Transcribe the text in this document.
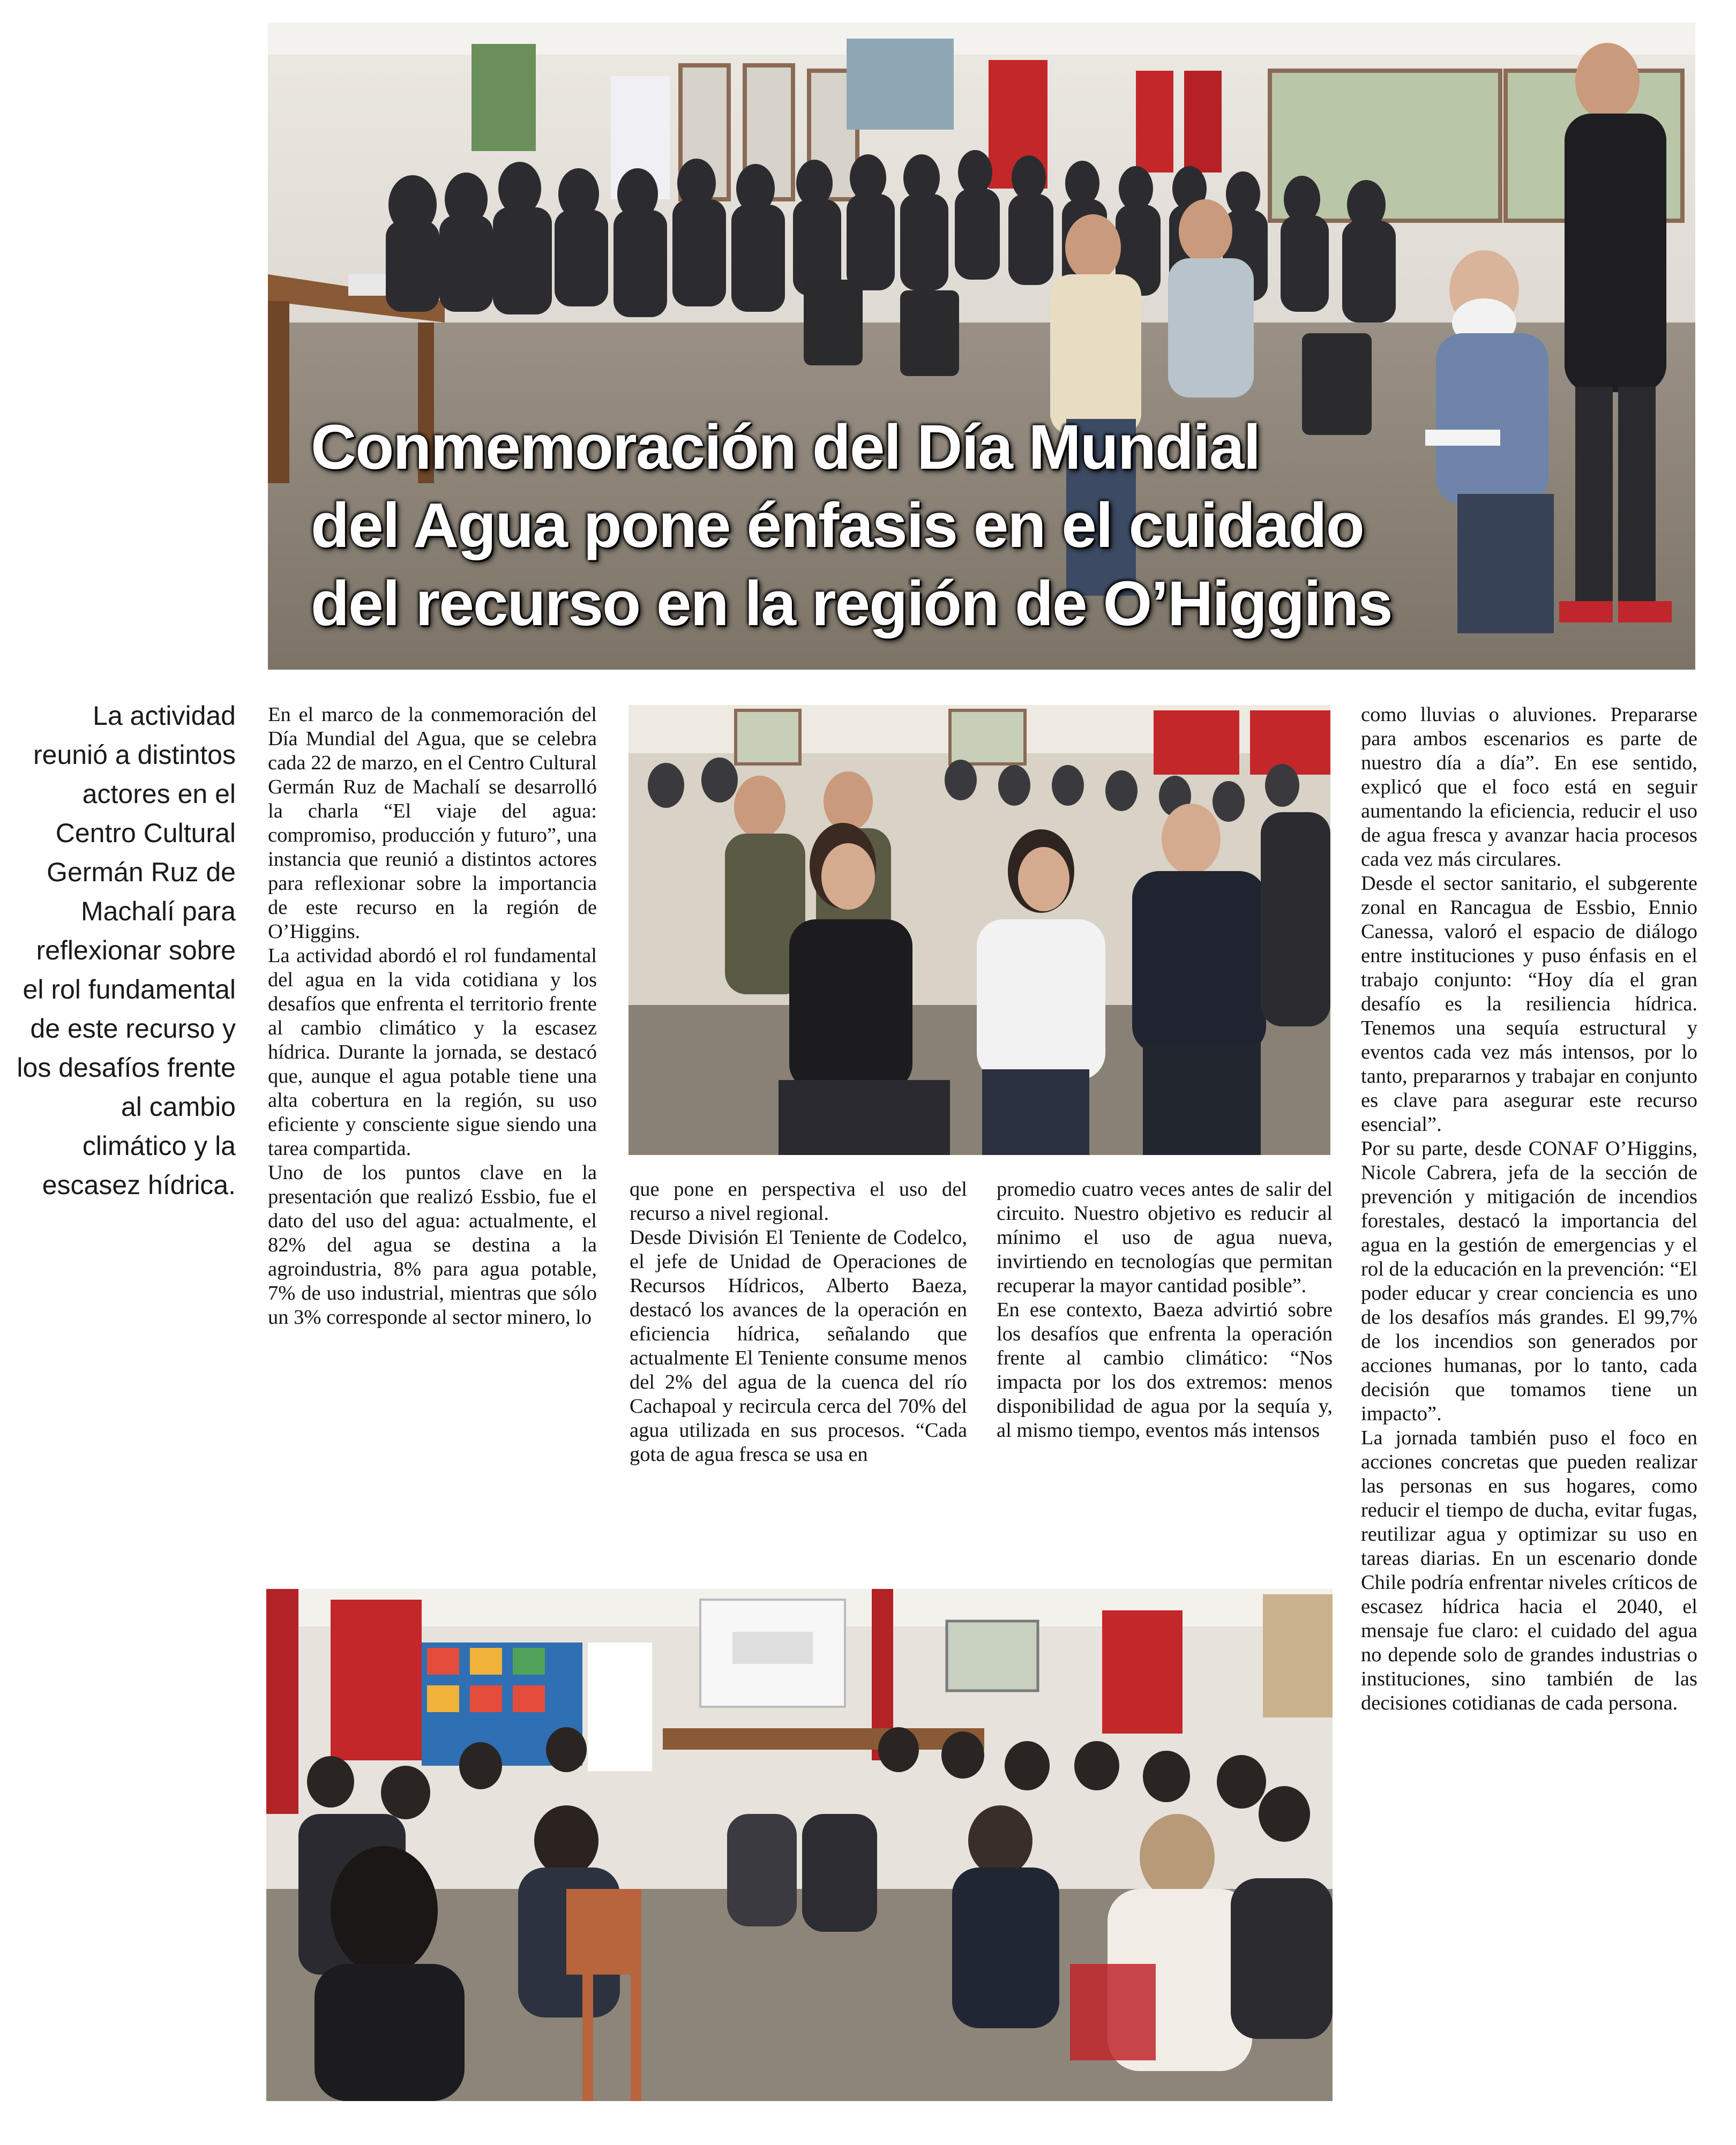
Conmemoración del Día Mundial
del Agua pone énfasis en el cuidado
del recurso en la región de O’Higgins

La actividad reunió a distintos actores en el Centro Cultural Germán Ruz de Machalí para reflexionar sobre el rol fundamental de este recurso y los desafíos frente al cambio climático y la escasez hídrica.

En el marco de la conmemoración del Día Mundial del Agua, que se celebra cada 22 de marzo, en el Centro Cultural Germán Ruz de Machalí se desarrolló la charla “El viaje del agua: compromiso, producción y futuro”, una instancia que reunió a distintos actores para reflexionar sobre la importancia de este recurso en la región de O’Higgins.

La actividad abordó el rol fundamental del agua en la vida cotidiana y los desafíos que enfrenta el territorio frente al cambio climático y la escasez hídrica. Durante la jornada, se destacó que, aunque el agua potable tiene una alta cobertura en la región, su uso eficiente y consciente sigue siendo una tarea compartida.

Uno de los puntos clave en la presentación que realizó Essbio, fue el dato del uso del agua: actualmente, el 82% del agua se destina a la agroindustria, 8% para agua potable, 7% de uso industrial, mientras que sólo un 3% corresponde al sector minero, lo

que pone en perspectiva el uso del recurso a nivel regional.

Desde División El Teniente de Codelco, el jefe de Unidad de Operaciones de Recursos Hídricos, Alberto Baeza, destacó los avances de la operación en eficiencia hídrica, señalando que actualmente El Teniente consume menos del 2% del agua de la cuenca del río Cachapoal y recircula cerca del 70% del agua utilizada en sus procesos. “Cada gota de agua fresca se usa en

promedio cuatro veces antes de salir del circuito. Nuestro objetivo es reducir al mínimo el uso de agua nueva, invirtiendo en tecnologías que permitan recuperar la mayor cantidad posible”.

En ese contexto, Baeza advirtió sobre los desafíos que enfrenta la operación frente al cambio climático: “Nos impacta por los dos extremos: menos disponibilidad de agua por la sequía y, al mismo tiempo, eventos más intensos

como lluvias o aluviones. Prepararse para ambos escenarios es parte de nuestro día a día”. En ese sentido, explicó que el foco está en seguir aumentando la eficiencia, reducir el uso de agua fresca y avanzar hacia procesos cada vez más circulares.

Desde el sector sanitario, el subgerente zonal en Rancagua de Essbio, Ennio Canessa, valoró el espacio de diálogo entre instituciones y puso énfasis en el trabajo conjunto: “Hoy día el gran desafío es la resiliencia hídrica. Tenemos una sequía estructural y eventos cada vez más intensos, por lo tanto, prepararnos y trabajar en conjunto es clave para asegurar este recurso esencial”.

Por su parte, desde CONAF O’Higgins, Nicole Cabrera, jefa de la sección de prevención y mitigación de incendios forestales, destacó la importancia del agua en la gestión de emergencias y el rol de la educación en la prevención: “El poder educar y crear conciencia es uno de los desafíos más grandes. El 99,7% de los incendios son generados por acciones humanas, por lo tanto, cada decisión que tomamos tiene un impacto”.

La jornada también puso el foco en acciones concretas que pueden realizar las personas en sus hogares, como reducir el tiempo de ducha, evitar fugas, reutilizar agua y optimizar su uso en tareas diarias. En un escenario donde Chile podría enfrentar niveles críticos de escasez hídrica hacia el 2040, el mensaje fue claro: el cuidado del agua no depende solo de grandes industrias o instituciones, sino también de las decisiones cotidianas de cada persona.
